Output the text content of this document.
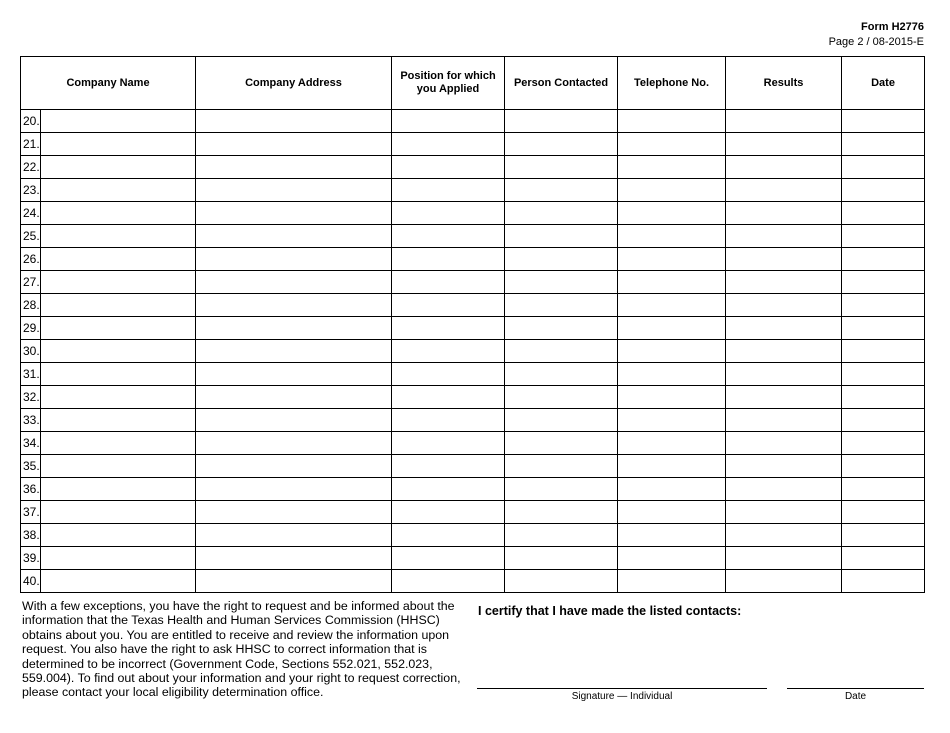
Form H2776
Page 2 / 08-2015-E
Company Name		Company Address	Position for which you Applied	Person Contacted	Telephone No.	Results	Date
20.							
21.							
22.							
23.							
24.							
25.							
26.							
27.							
28.							
29.							
30.							
31.							
32.							
33.							
34.							
35.							
36.							
37.							
38.							
39.							
40.							
With a few exceptions, you have the right to request and be informed about the information that the Texas Health and Human Services Commission (HHSC) obtains about you. You are entitled to receive and review the information upon request. You also have the right to ask HHSC to correct information that is determined to be incorrect (Government Code, Sections 552.021, 552.023, 559.004). To find out about your information and your right to request correction, please contact your local eligibility determination office.
I certify that I have made the listed contacts:
Signature — Individual	Date
